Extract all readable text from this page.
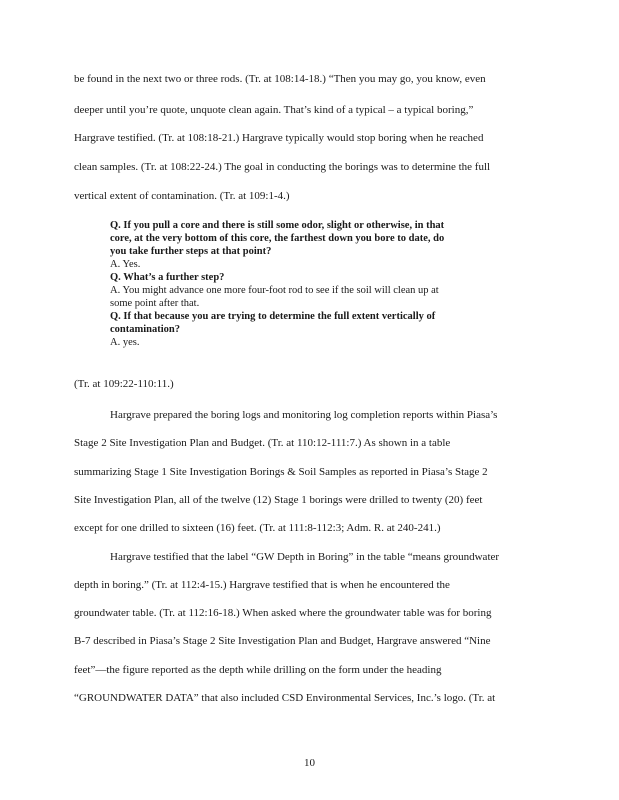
be found in the next two or three rods. (Tr. at 108:14-18.) “Then you may go, you know, even
deeper until you’re quote, unquote clean again. That’s kind of a typical – a typical boring,”
Hargrave testified. (Tr. at 108:18-21.) Hargrave typically would stop boring when he reached
clean samples. (Tr. at 108:22-24.) The goal in conducting the borings was to determine the full
vertical extent of contamination. (Tr. at 109:1-4.)
Q. If you pull a core and there is still some odor, slight or otherwise, in that
core, at the very bottom of this core, the farthest down you bore to date, do
you take further steps at that point?
A. Yes.
Q. What’s a further step?
A. You might advance one more four-foot rod to see if the soil will clean up at
some point after that.
Q. If that because you are trying to determine the full extent vertically of
contamination?
A. yes.
(Tr. at 109:22-110:11.)
Hargrave prepared the boring logs and monitoring log completion reports within Piasa’s
Stage 2 Site Investigation Plan and Budget. (Tr. at 110:12-111:7.) As shown in a table
summarizing Stage 1 Site Investigation Borings & Soil Samples as reported in Piasa’s Stage 2
Site Investigation Plan, all of the twelve (12) Stage 1 borings were drilled to twenty (20) feet
except for one drilled to sixteen (16) feet. (Tr. at 111:8-112:3; Adm. R. at 240-241.)
Hargrave testified that the label “GW Depth in Boring” in the table “means groundwater
depth in boring.” (Tr. at 112:4-15.) Hargrave testified that is when he encountered the
groundwater table. (Tr. at 112:16-18.) When asked where the groundwater table was for boring
B-7 described in Piasa’s Stage 2 Site Investigation Plan and Budget, Hargrave answered “Nine
feet”—the figure reported as the depth while drilling on the form under the heading
“GROUNDWATER DATA” that also included CSD Environmental Services, Inc.’s logo. (Tr. at
10
